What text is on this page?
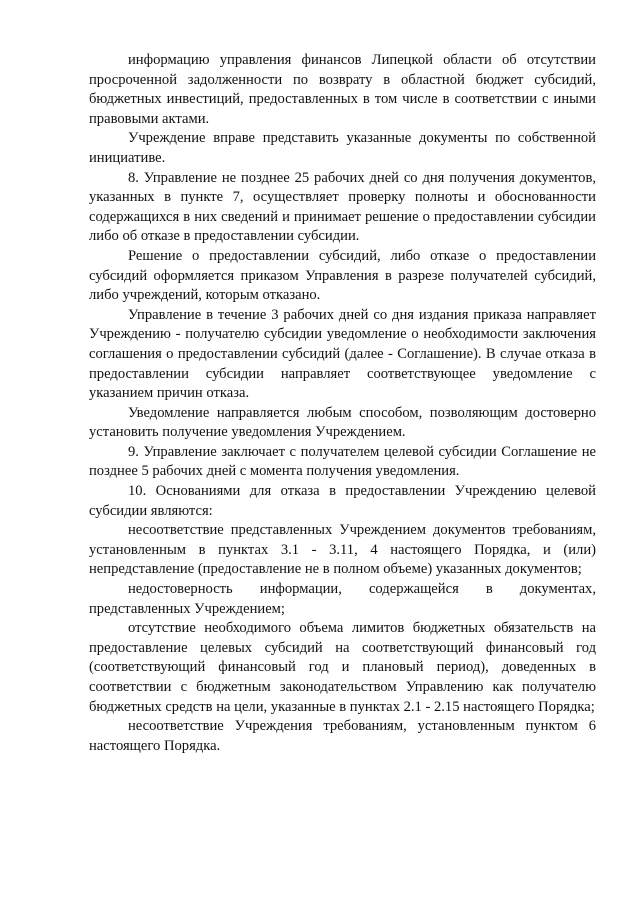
информацию управления финансов Липецкой области об отсутствии просроченной задолженности по возврату в областной бюджет субсидий, бюджетных инвестиций, предоставленных в том числе в соответствии с иными правовыми актами.

Учреждение вправе представить указанные документы по собственной инициативе.

8. Управление не позднее 25 рабочих дней со дня получения документов, указанных в пункте 7, осуществляет проверку полноты и обоснованности содержащихся в них сведений и принимает решение о предоставлении субсидии либо об отказе в предоставлении субсидии.

Решение о предоставлении субсидий, либо отказе о предоставлении субсидий оформляется приказом Управления в разрезе получателей субсидий, либо учреждений, которым отказано.

Управление в течение 3 рабочих дней со дня издания приказа направляет Учреждению - получателю субсидии уведомление о необходимости заключения соглашения о предоставлении субсидий (далее - Соглашение). В случае отказа в предоставлении субсидии направляет соответствующее уведомление с указанием причин отказа.

Уведомление направляется любым способом, позволяющим достоверно установить получение уведомления Учреждением.

9. Управление заключает с получателем целевой субсидии Соглашение не позднее 5 рабочих дней с момента получения уведомления.

10. Основаниями для отказа в предоставлении Учреждению целевой субсидии являются:

несоответствие представленных Учреждением документов требованиям, установленным в пунктах 3.1 - 3.11, 4 настоящего Порядка, и (или) непредставление (предоставление не в полном объеме) указанных документов;

недостоверность информации, содержащейся в документах, представленных Учреждением;

отсутствие необходимого объема лимитов бюджетных обязательств на предоставление целевых субсидий на соответствующий финансовый год (соответствующий финансовый год и плановый период), доведенных в соответствии с бюджетным законодательством Управлению как получателю бюджетных средств на цели, указанные в пунктах 2.1 - 2.15 настоящего Порядка;

несоответствие Учреждения требованиям, установленным пунктом 6 настоящего Порядка.
